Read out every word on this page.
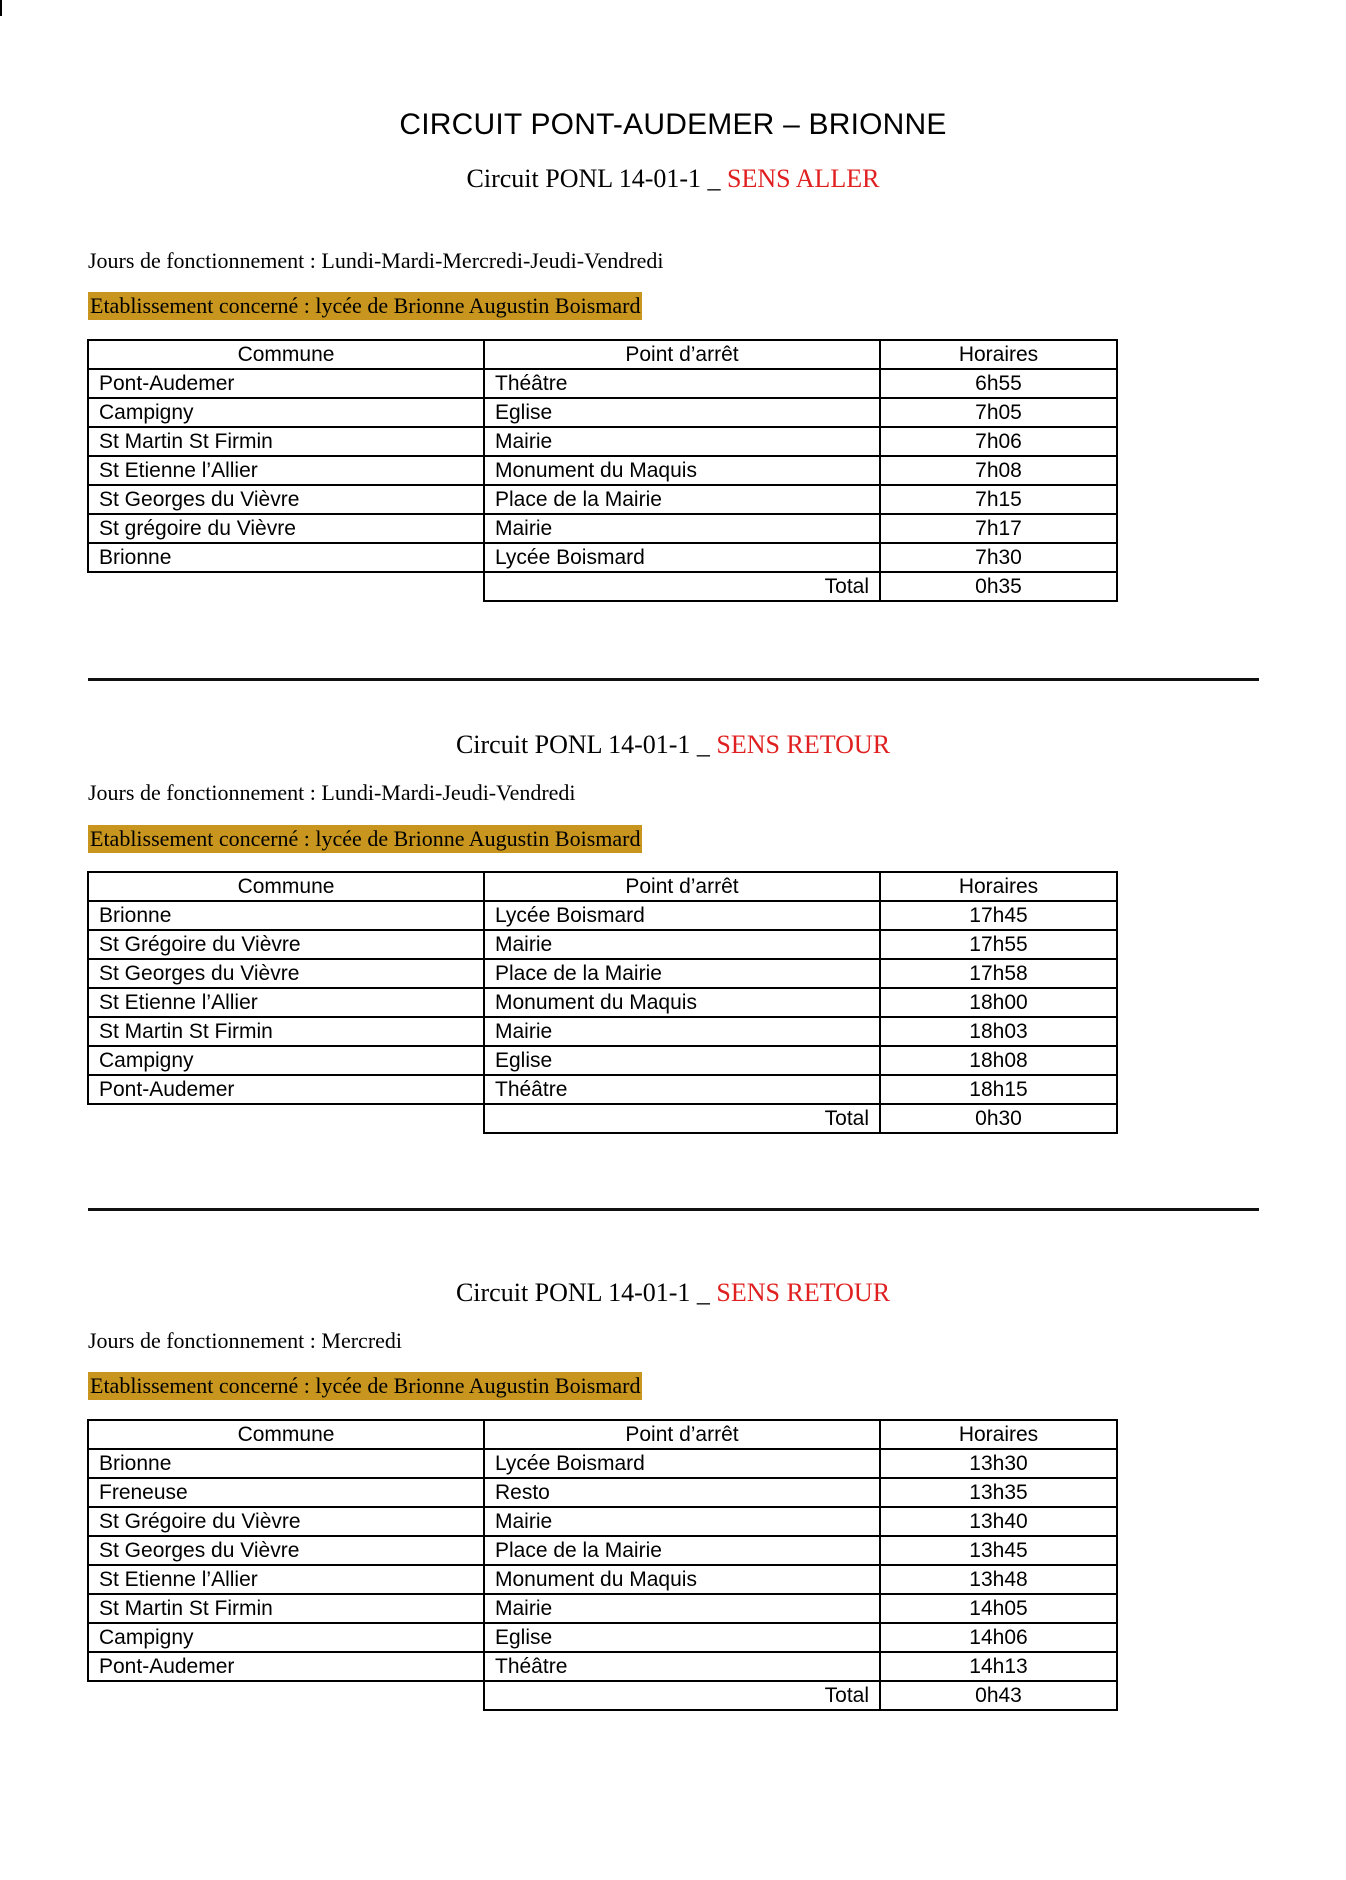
CIRCUIT PONT-AUDEMER – BRIONNE
Circuit PONL 14-01-1 _ SENS ALLER
Jours de fonctionnement : Lundi-Mardi-Mercredi-Jeudi-Vendredi
Etablissement concerné : lycée de Brionne Augustin Boismard
Commune	Point d’arrêt	Horaires
Pont-Audemer	Théâtre	6h55
Campigny	Eglise	7h05
St Martin St Firmin	Mairie	7h06
St Etienne l’Allier	Monument du Maquis	7h08
St Georges du Vièvre	Place de la Mairie	7h15
St grégoire du Vièvre	Mairie	7h17
Brionne	Lycée Boismard	7h30
	Total	0h35
Circuit PONL 14-01-1 _ SENS RETOUR
Jours de fonctionnement : Lundi-Mardi-Jeudi-Vendredi
Etablissement concerné : lycée de Brionne Augustin Boismard
Commune	Point d’arrêt	Horaires
Brionne	Lycée Boismard	17h45
St Grégoire du Vièvre	Mairie	17h55
St Georges du Vièvre	Place de la Mairie	17h58
St Etienne l’Allier	Monument du Maquis	18h00
St Martin St Firmin	Mairie	18h03
Campigny	Eglise	18h08
Pont-Audemer	Théâtre	18h15
	Total	0h30
Circuit PONL 14-01-1 _ SENS RETOUR
Jours de fonctionnement : Mercredi
Etablissement concerné : lycée de Brionne Augustin Boismard
Commune	Point d’arrêt	Horaires
Brionne	Lycée Boismard	13h30
Freneuse	Resto	13h35
St Grégoire du Vièvre	Mairie	13h40
St Georges du Vièvre	Place de la Mairie	13h45
St Etienne l’Allier	Monument du Maquis	13h48
St Martin St Firmin	Mairie	14h05
Campigny	Eglise	14h06
Pont-Audemer	Théâtre	14h13
	Total	0h43
